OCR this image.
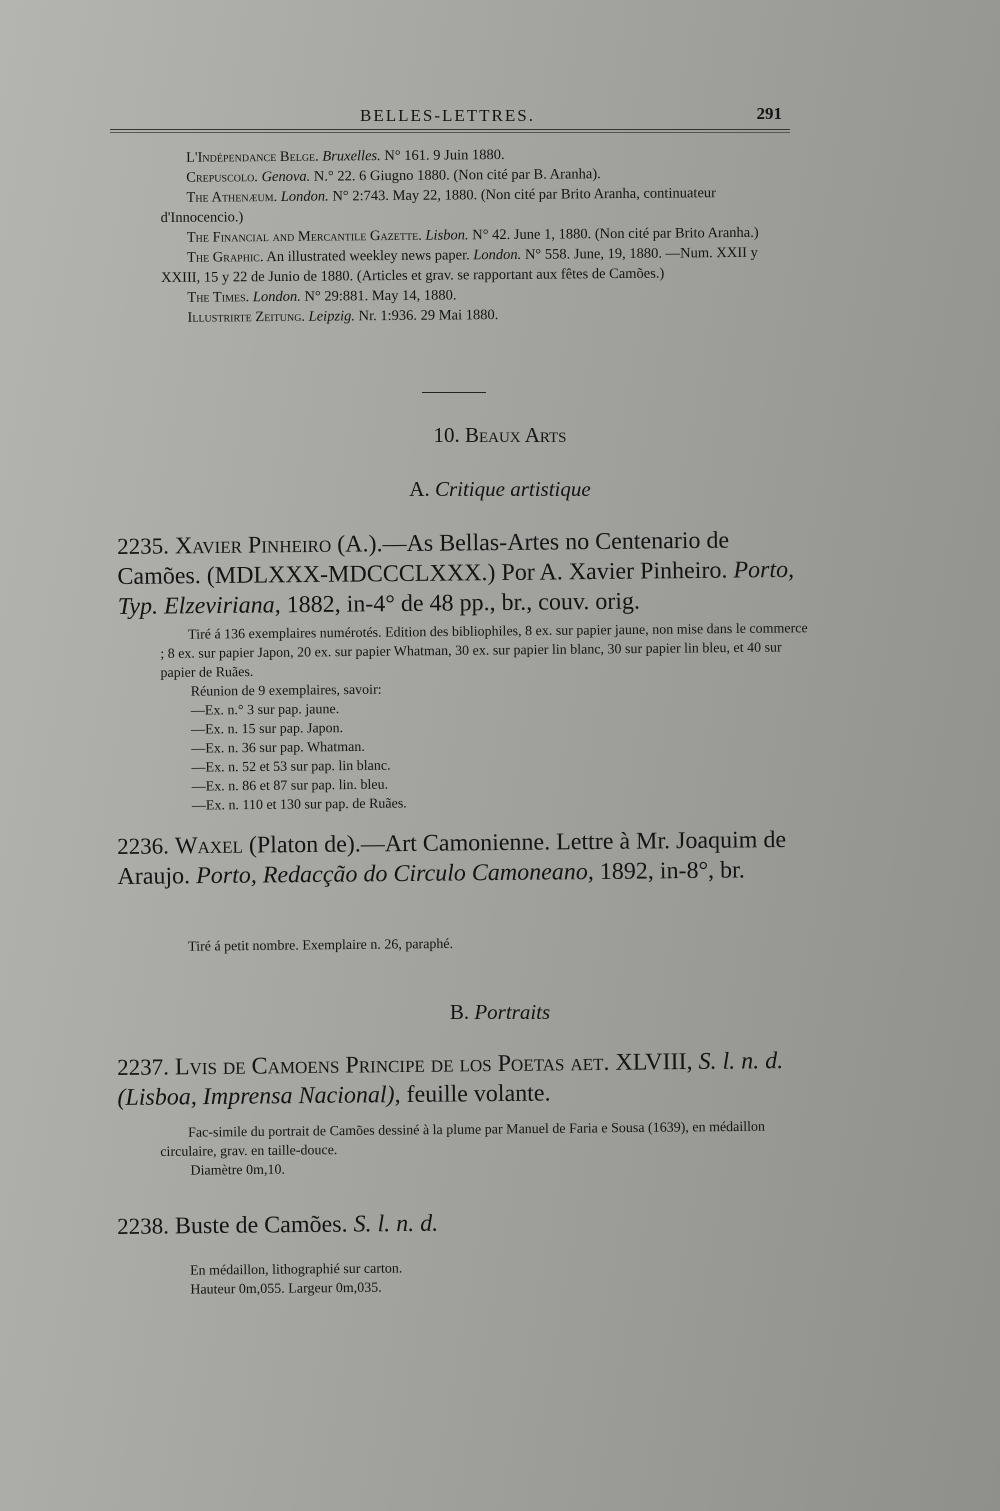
BELLES-LETTRES.	291

L'Indépendance Belge. Bruxelles. N° 161. 9 Juin 1880.

Crepuscolo. Genova. N.° 22. 6 Giugno 1880. (Non cité par B. Aranha).

The Athenæum. London. N° 2:743. May 22, 1880. (Non cité par Brito Aranha, continuateur d'Innocencio.)

The Financial and Mercantile Gazette. Lisbon. N° 42. June 1, 1880. (Non cité par Brito Aranha.)

The Graphic. An illustrated weekley news paper. London. N° 558. June, 19, 1880. —Num. XXII y XXIII, 15 y 22 de Junio de 1880. (Articles et grav. se rapportant aux fêtes de Camões.)

The Times. London. N° 29:881. May 14, 1880.

Illustrirte Zeitung. Leipzig. Nr. 1:936. 29 Mai 1880.

10. Beaux Arts
A. Critique artistique
2235. Xavier Pinheiro (A.).—As Bellas-Artes no Centenario de Camões. (MDLXXX-MDCCCLXXX.) Por A. Xavier Pinheiro. Porto, Typ. Elzeviriana, 1882, in-4° de 48 pp., br., couv. orig.

Tiré á 136 exemplaires numérotés. Edition des bibliophiles, 8 ex. sur papier jaune, non mise dans le commerce ; 8 ex. sur papier Japon, 20 ex. sur papier Whatman, 30 ex. sur papier lin blanc, 30 sur papier lin bleu, et 40 sur papier de Ruães.

Réunion de 9 exemplaires, savoir:

—Ex. n.° 3 sur pap. jaune.

—Ex. n. 15 sur pap. Japon.

—Ex. n. 36 sur pap. Whatman.

—Ex. n. 52 et 53 sur pap. lin blanc.

—Ex. n. 86 et 87 sur pap. lin. bleu.

—Ex. n. 110 et 130 sur pap. de Ruães.

2236. Waxel (Platon de).—Art Camonienne. Lettre à Mr. Joaquim de Araujo. Porto, Redacção do Circulo Camoneano, 1892, in-8°, br.

Tiré á petit nombre. Exemplaire n. 26, paraphé.

B. Portraits
2237. Lvis de Camoens Principe de los Poetas aet. XLVIII, S. l. n. d. (Lisboa, Imprensa Nacional), feuille volante.

Fac-simile du portrait de Camões dessiné à la plume par Manuel de Faria e Sousa (1639), en médaillon circulaire, grav. en taille-douce.

Diamètre 0m,10.

2238. Buste de Camões. S. l. n. d.

En médaillon, lithographié sur carton.

Hauteur 0m,055. Largeur 0m,035.
